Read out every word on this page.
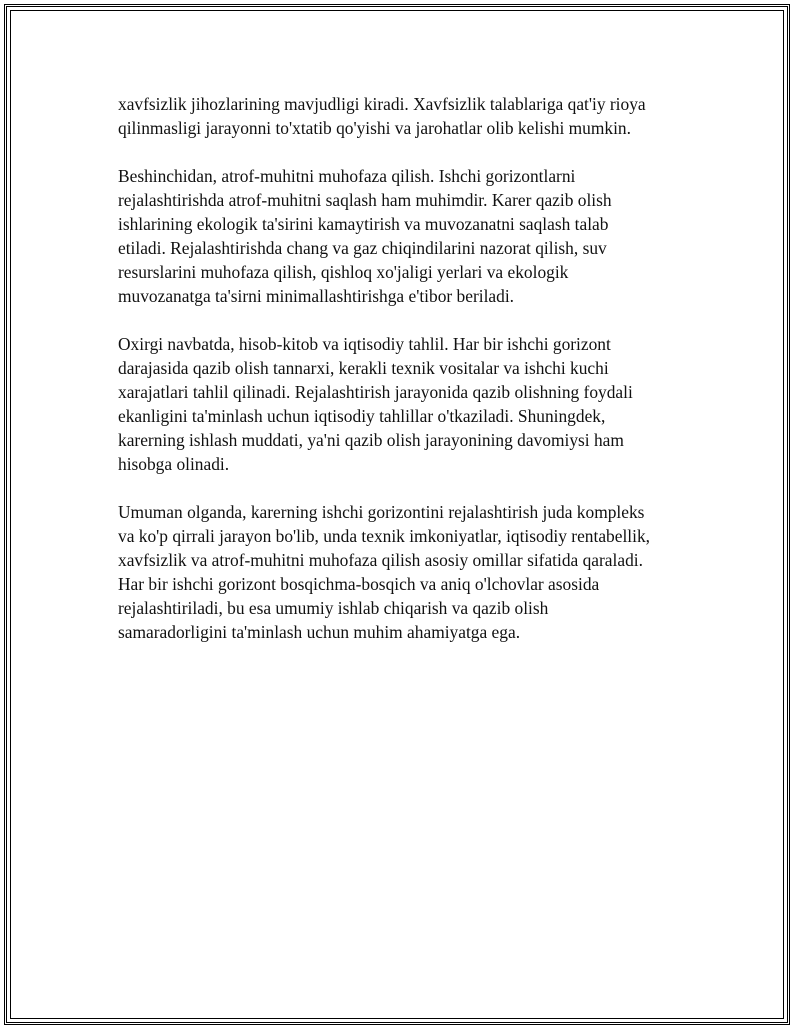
xavfsizlik jihozlarining mavjudligi kiradi. Xavfsizlik talablariga qat'iy rioya
qilinmasligi jarayonni to'xtatib qo'yishi va jarohatlar olib kelishi mumkin.

Beshinchidan, atrof-muhitni muhofaza qilish. Ishchi gorizontlarni
rejalashtirishda atrof-muhitni saqlash ham muhimdir. Karer qazib olish
ishlarining ekologik ta'sirini kamaytirish va muvozanatni saqlash talab
etiladi. Rejalashtirishda chang va gaz chiqindilarini nazorat qilish, suv
resurslarini muhofaza qilish, qishloq xo'jaligi yerlari va ekologik
muvozanatga ta'sirni minimallashtirishga e'tibor beriladi.

Oxirgi navbatda, hisob-kitob va iqtisodiy tahlil. Har bir ishchi gorizont
darajasida qazib olish tannarxi, kerakli texnik vositalar va ishchi kuchi
xarajatlari tahlil qilinadi. Rejalashtirish jarayonida qazib olishning foydali
ekanligini ta'minlash uchun iqtisodiy tahlillar o'tkaziladi. Shuningdek,
karerning ishlash muddati, ya'ni qazib olish jarayonining davomiysi ham
hisobga olinadi.

Umuman olganda, karerning ishchi gorizontini rejalashtirish juda kompleks
va ko'p qirrali jarayon bo'lib, unda texnik imkoniyatlar, iqtisodiy rentabellik,
xavfsizlik va atrof-muhitni muhofaza qilish asosiy omillar sifatida qaraladi.
Har bir ishchi gorizont bosqichma-bosqich va aniq o'lchovlar asosida
rejalashtiriladi, bu esa umumiy ishlab chiqarish va qazib olish
samaradorligini ta'minlash uchun muhim ahamiyatga ega.
